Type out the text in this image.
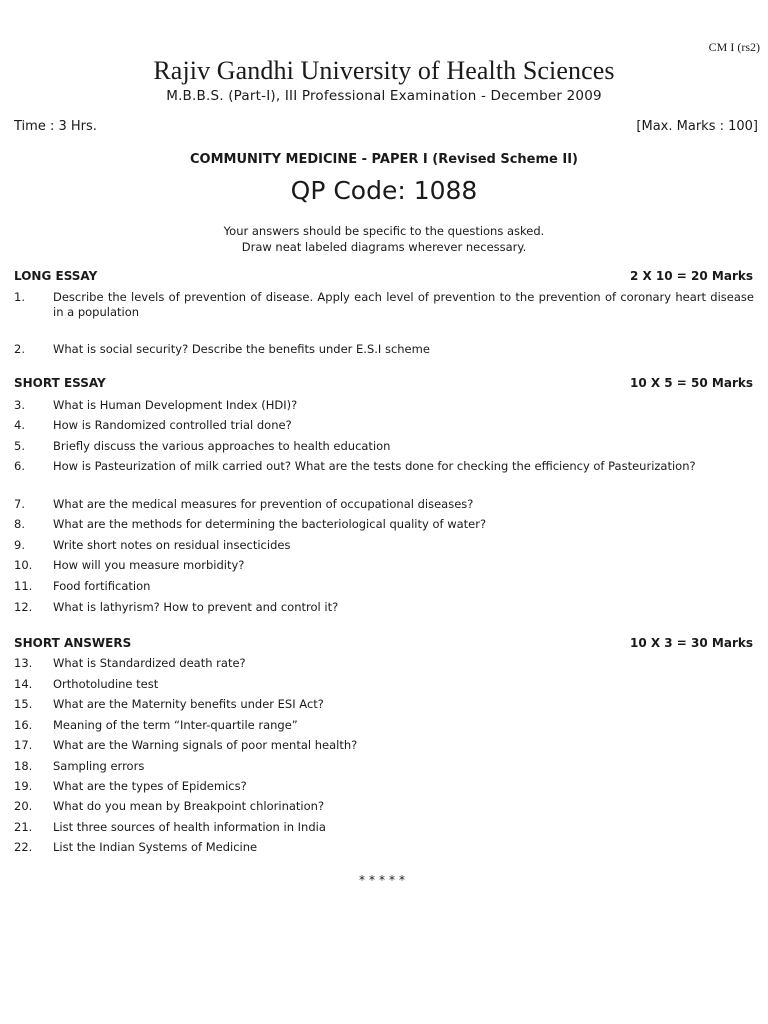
CM I (rs2)
Rajiv Gandhi University of Health Sciences
M.B.B.S. (Part-I), III Professional Examination - December 2009
Time : 3 Hrs.	[Max. Marks : 100]
COMMUNITY MEDICINE - PAPER I (Revised Scheme II)
QP Code: 1088
Your answers should be specific to the questions asked.
Draw neat labeled diagrams wherever necessary.
LONG ESSAY	2 X 10 = 20 Marks
1.	Describe the levels of prevention of disease. Apply each level of prevention to the prevention of coronary heart disease in a population
2.	What is social security? Describe the benefits under E.S.I scheme
SHORT ESSAY	10 X 5 = 50 Marks
3.	What is Human Development Index (HDI)?
4.	How is Randomized controlled trial done?
5.	Briefly discuss the various approaches to health education
6.	How is Pasteurization of milk carried out? What are the tests done for checking the efficiency of Pasteurization?
7.	What are the medical measures for prevention of occupational diseases?
8.	What are the methods for determining the bacteriological quality of water?
9.	Write short notes on residual insecticides
10.	How will you measure morbidity?
11.	Food fortification
12.	What is lathyrism? How to prevent and control it?
SHORT ANSWERS	10 X 3 = 30 Marks
13.	What is Standardized death rate?
14.	Orthotoludine test
15.	What are the Maternity benefits under ESI Act?
16.	Meaning of the term “Inter-quartile range”
17.	What are the Warning signals of poor mental health?
18.	Sampling errors
19.	What are the types of Epidemics?
20.	What do you mean by Breakpoint chlorination?
21.	List three sources of health information in India
22.	List the Indian Systems of Medicine
*****
